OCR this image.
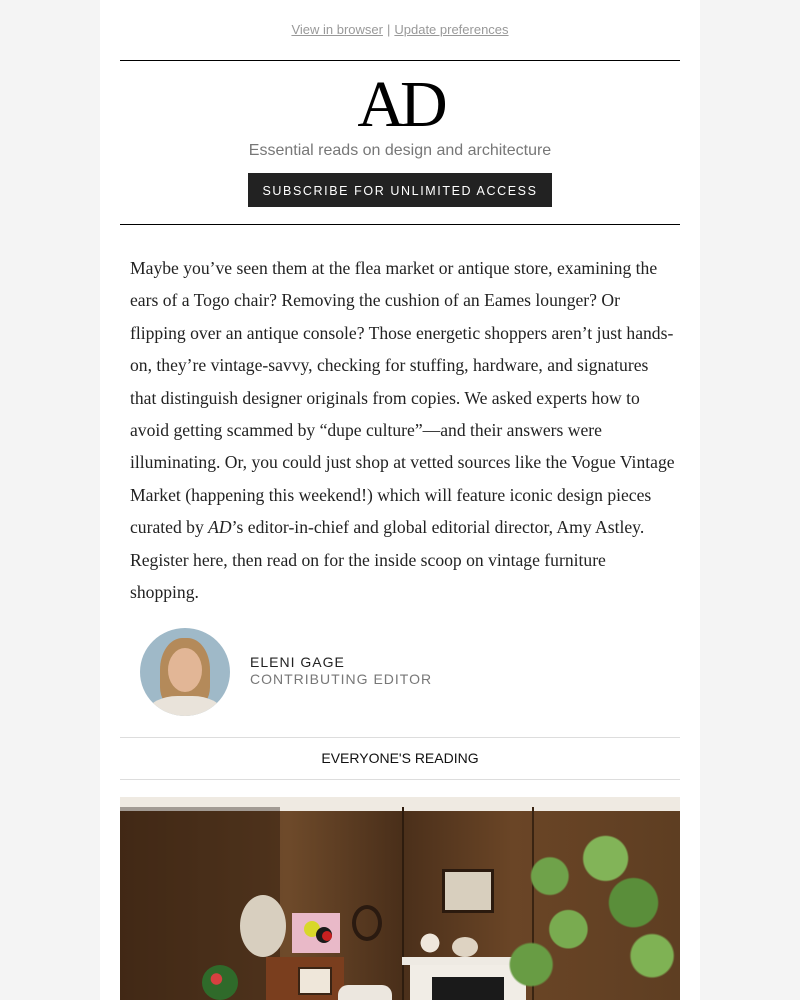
View in browser | Update preferences
AD
Essential reads on design and architecture
SUBSCRIBE FOR UNLIMITED ACCESS

Maybe you’ve seen them at the flea market or antique store, examining the ears of a Togo chair? Removing the cushion of an Eames lounger? Or flipping over an antique console? Those energetic shoppers aren’t just hands-on, they’re vintage-savvy, checking for stuffing, hardware, and signatures that distinguish designer originals from copies. We asked experts how to avoid getting scammed by “dupe culture”—and their answers were illuminating. Or, you could just shop at vetted sources like the Vogue Vintage Market (happening this weekend!) which will feature iconic design pieces curated by AD’s editor-in-chief and global editorial director, Amy Astley. Register here, then read on for the inside scoop on vintage furniture shopping.

ELENI GAGE
CONTRIBUTING EDITOR
EVERYONE'S READING
